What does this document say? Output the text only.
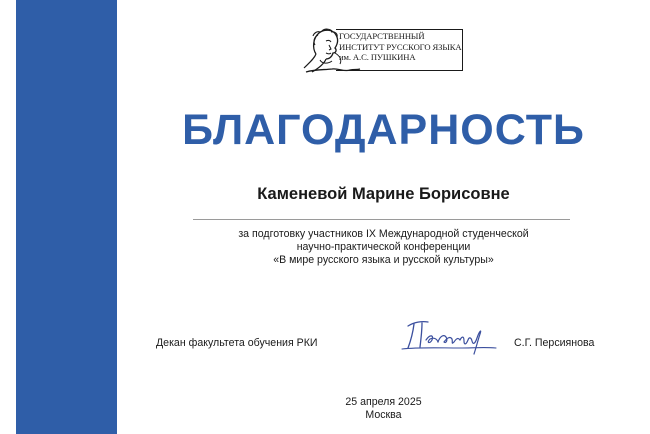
ГОСУДАРСТВЕННЫЙ
ИНСТИТУТ РУССКОГО ЯЗЫКА
им. А.С. ПУШКИНА
БЛАГОДАРНОСТЬ
Каменевой Марине Борисовне
за подготовку участников IX Международной студенческой
научно-практической конференции
«В мире русского языка и русской культуры»
Декан факультета обучения РКИ	С.Г. Персиянова
25 апреля 2025
Москва
